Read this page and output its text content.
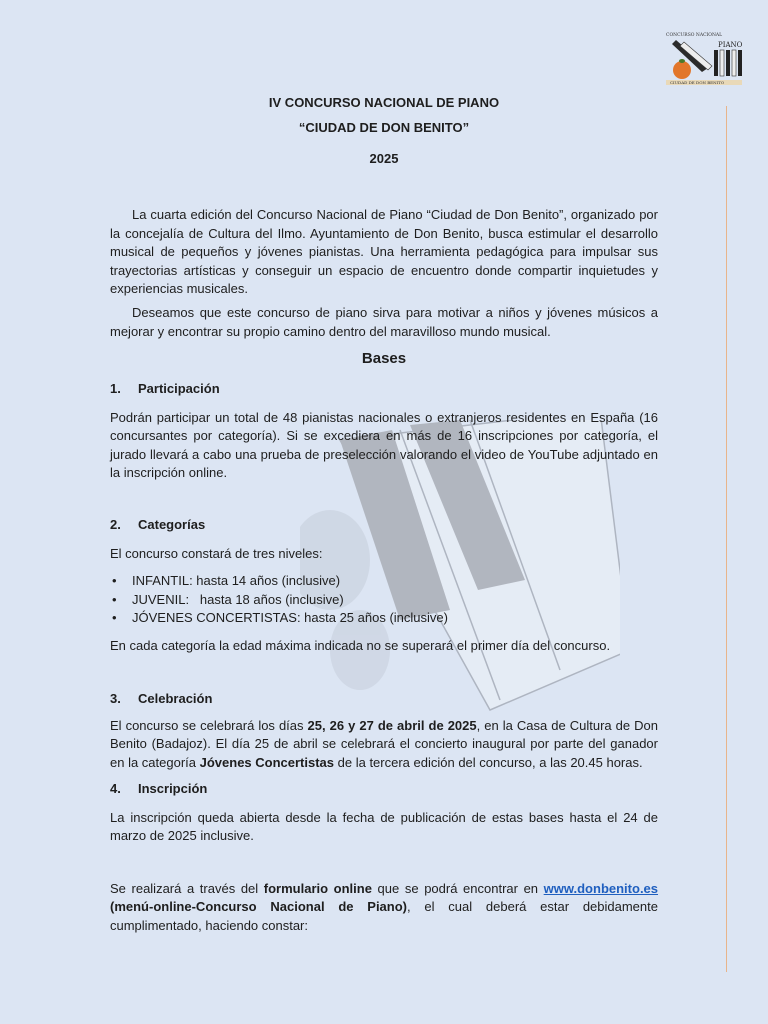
CONCURSO NACIONAL
PIANO
CIUDAD DE DON BENITO
IV CONCURSO NACIONAL DE PIANO
“CIUDAD DE DON BENITO”
2025

La cuarta edición del Concurso Nacional de Piano “Ciudad de Don Benito”, organizado por la concejalía de Cultura del Ilmo. Ayuntamiento de Don Benito, busca estimular el desarrollo musical de pequeños y jóvenes pianistas. Una herramienta pedagógica para impulsar sus trayectorias artísticas y conseguir un espacio de encuentro donde compartir inquietudes y experiencias musicales.

Deseamos que este concurso de piano sirva para motivar a niños y jóvenes músicos a mejorar y encontrar su propio camino dentro del maravilloso mundo musical.

Bases
1. Participación

Podrán participar un total de 48 pianistas nacionales o extranjeros residentes en España (16 concursantes por categoría). Si se excediera en más de 16 inscripciones por categoría, el jurado llevará a cabo una prueba de preselección valorando el video de YouTube adjuntado en la inscripción online.

2. Categorías

El concurso constará de tres niveles:

• INFANTIL: hasta 14 años (inclusive)
• JUVENIL:   hasta 18 años (inclusive)
• JÓVENES CONCERTISTAS: hasta 25 años (inclusive)

En cada categoría la edad máxima indicada no se superará el primer día del concurso.

3. Celebración

El concurso se celebrará los días 25, 26 y 27 de abril de 2025, en la Casa de Cultura de Don Benito (Badajoz). El día 25 de abril se celebrará el concierto inaugural por parte del ganador en la categoría Jóvenes Concertistas de la tercera edición del concurso, a las 20.45 horas.

4. Inscripción

La inscripción queda abierta desde la fecha de publicación de estas bases hasta el 24 de marzo de 2025 inclusive.

Se realizará a través del formulario online que se podrá encontrar en www.donbenito.es (menú-online-Concurso Nacional de Piano), el cual deberá estar debidamente cumplimentado, haciendo constar:
